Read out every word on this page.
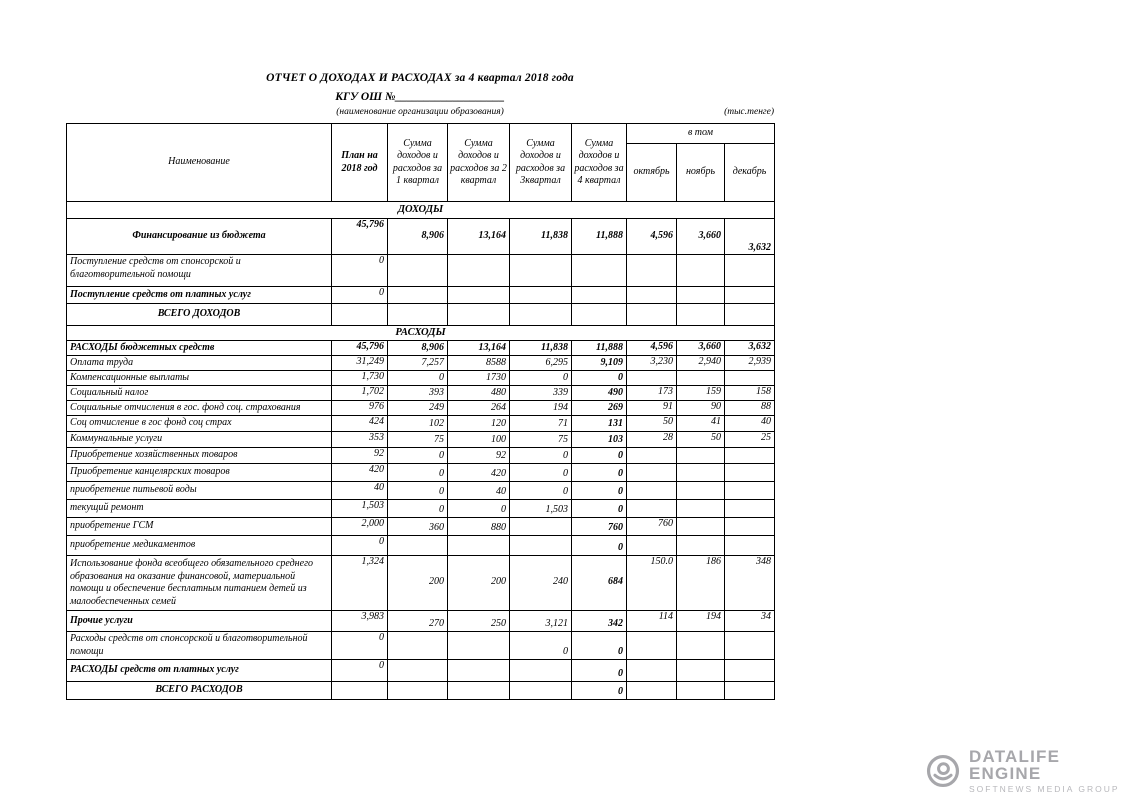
ОТЧЕТ О ДОХОДАХ И РАСХОДАХ за 4 квартал 2018 года
КГУ ОШ №___________________
(наименование организации образования)	(тыс.тенге)
Наименование	План на 2018 год	Сумма доходов и расходов за 1 квартал	Сумма доходов и расходов за 2 квартал	Сумма доходов и расходов за 3квартал	Сумма доходов и расходов за 4 квартал	в том		
						октябрь	ноябрь	декабрь
ДОХОДЫ								
Финансирование из бюджета	45,796	8,906	13,164	11,838	11,888	4,596	3,660	3,632
Поступление средств от спонсорской и благотворительной помощи	0							
Поступление средств от платных услуг	0							
ВСЕГО ДОХОДОВ								
РАСХОДЫ								
РАСХОДЫ бюджетных средств	45,796	8,906	13,164	11,838	11,888	4,596	3,660	3,632
Оплата труда	31,249	7,257	8588	6,295	9,109	3,230	2,940	2,939
Компенсационные выплаты	1,730	0	1730	0	0			
Социальный налог	1,702	393	480	339	490	173	159	158
Социальные отчисления в гос. фонд соц. страхования	976	249	264	194	269	91	90	88
Соц отчисление в гос фонд соц страх	424	102	120	71	131	50	41	40
Коммунальные услуги	353	75	100	75	103	28	50	25
Приобретение хозяйственных товаров	92	0	92	0	0			
Приобретение канцелярских товаров	420	0	420	0	0			
приобретение питьевой воды	40	0	40	0	0			
текущий ремонт	1,503	0	0	1,503	0			
приобретение ГСМ	2,000	360	880		760	760		
приобретение медикаментов	0				0			
Использование фонда всеобщего обязательного среднего образования на оказание финансовой, материальной помощи и обеспечение бесплатным питанием детей из малообеспеченных семей	1,324	200	200	240	684	150.0	186	348
Прочие услуги	3,983	270	250	3,121	342	114	194	34
Расходы средств от спонсорской и благотворительной помощи	0			0	0			
РАСХОДЫ средств от платных услуг	0				0			
ВСЕГО РАСХОДОВ					0			
DATALIFE ENGINE
SOFTNEWS MEDIA GROUP
